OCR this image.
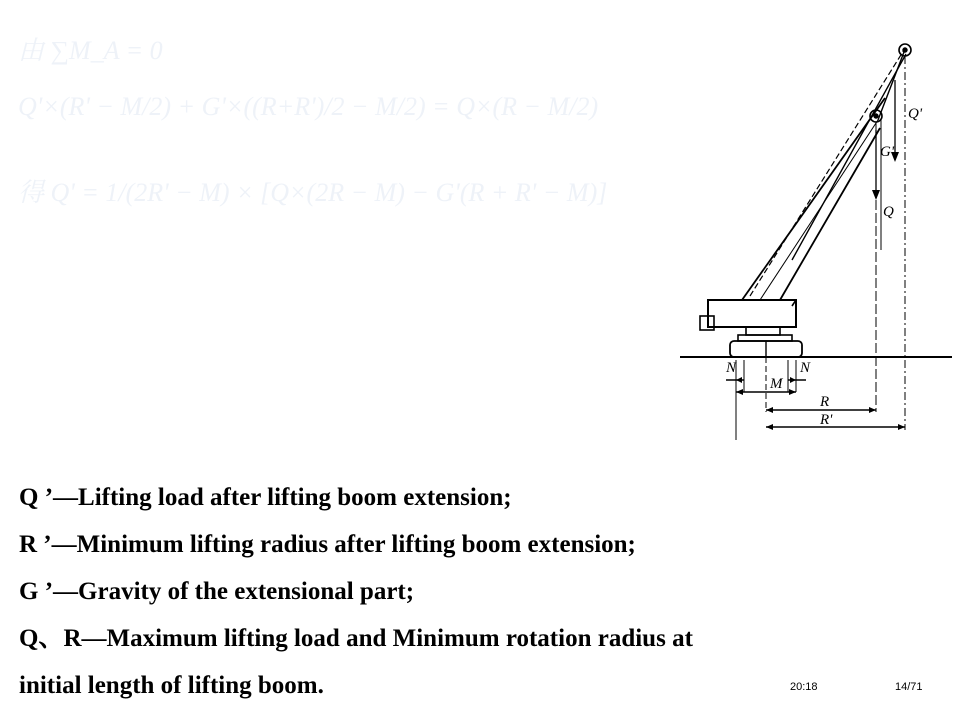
由 ∑M_A = 0
Q'×(R' − M/2) + G'×((R+R')/2 − M/2) = Q×(R − M/2)
得 Q' = 1/(2R' − M) × [Q×(2R − M) − G'(R + R' − M)]
Q'
G'
Q
N	N
M
R
R'
Q ’—Lifting load after lifting boom extension;
R ’—Minimum lifting radius after lifting boom extension;
G ’—Gravity of the extensional part;
Q、R—Maximum lifting load and Minimum rotation radius at
initial length of lifting boom.	20:18	14/71
